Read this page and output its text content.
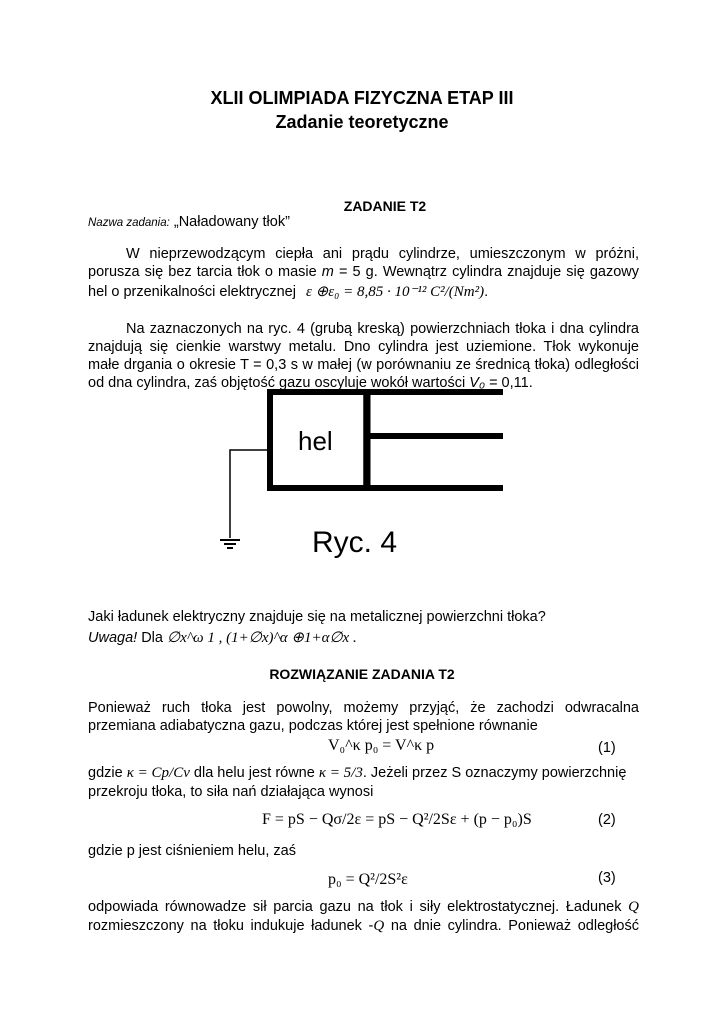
XLII OLIMPIADA FIZYCZNA ETAP III
Zadanie teoretyczne
ZADANIE T2
Nazwa zadania: „Naładowany tłok”
W nieprzewodzącym ciepła ani prądu cylindrze, umieszczonym w próżni,
porusza się bez tarcia tłok o masie m = 5 g. Wewnątrz cylindra znajduje się gazowy
hel o przenikalności elektrycznej ε ⊕ε₀ = 8,85 · 10⁻¹² C²/(Nm²).
Na zaznaczonych na ryc. 4 (grubą kreską) powierzchniach tłoka i dna cylindra
znajdują się cienkie warstwy metalu. Dno cylindra jest uziemione. Tłok wykonuje
małe drgania o okresie T = 0,3 s w małej (w porównaniu ze średnicą tłoka) odległości
od dna cylindra, zaś objętość gazu oscyluje wokół wartości V₀ = 0,11.
hel
Ryc. 4
Jaki ładunek elektryczny znajduje się na metalicznej powierzchni tłoka?
Uwaga! Dla ∅x^ω 1 , (1+∅x)^α ⊕1+α∅x .
ROZWIĄZANIE ZADANIA T2
Ponieważ ruch tłoka jest powolny, możemy przyjąć, że zachodzi odwracalna
przemiana adiabatyczna gazu, podczas której jest spełnione równanie
V₀^κ p₀ = V^κ p	(1)
gdzie κ = Cp/Cv dla helu jest równe κ = 5/3. Jeżeli przez S oznaczymy powierzchnię
przekroju tłoka, to siła nań działająca wynosi
F = pS − Qσ/2ε = pS − Q²/2Sε + (p − p₀)S	(2)
gdzie p jest ciśnieniem helu, zaś
p₀ = Q²/2S²ε	(3)
odpowiada równowadze sił parcia gazu na tłok i siły elektrostatycznej. Ładunek Q
rozmieszczony na tłoku indukuje ładunek -Q na dnie cylindra. Ponieważ odległość
